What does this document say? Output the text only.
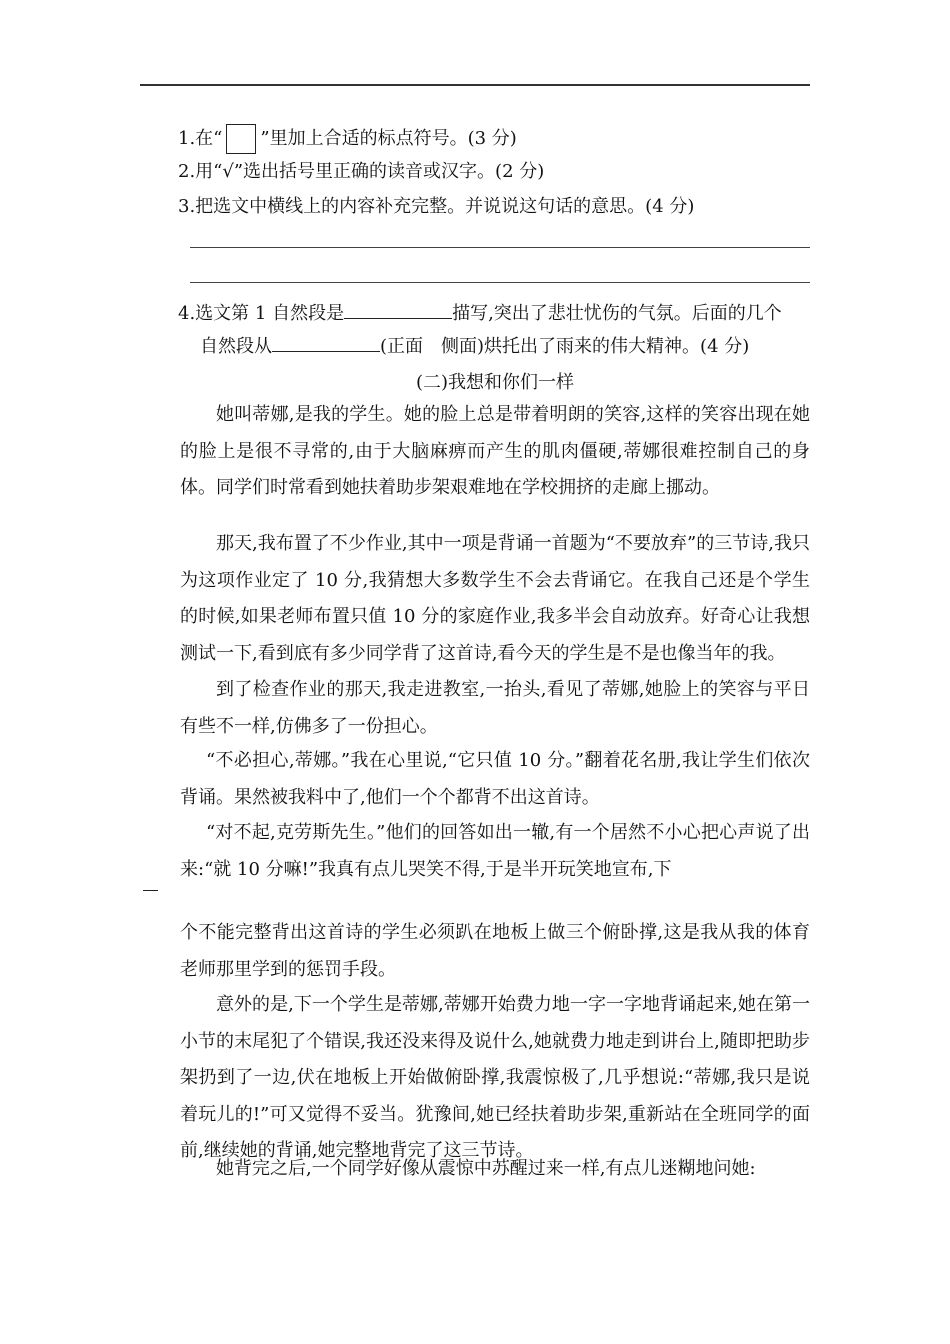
1.在“ ”里加上合适的标点符号。(3 分)
2.用“√”选出括号里正确的读音或汉字。(2 分)
3.把选文中横线上的内容补充完整。并说说这句话的意思。(4 分)
4.选文第 1 自然段是	描写,突出了悲壮忧伤的气氛。后面的几个
自然段从	(正面　侧面)烘托出了雨来的伟大精神。(4 分)
(二)我想和你们一样
她叫蒂娜,是我的学生。她的脸上总是带着明朗的笑容,这样的笑容出现在她的脸上是很不寻常的,由于大脑麻痹而产生的肌肉僵硬,蒂娜很难控制自己的身体。同学们时常看到她扶着助步架艰难地在学校拥挤的走廊上挪动。
那天,我布置了不少作业,其中一项是背诵一首题为“不要放弃”的三节诗,我只为这项作业定了 10 分,我猜想大多数学生不会去背诵它。在我自己还是个学生的时候,如果老师布置只值 10 分的家庭作业,我多半会自动放弃。好奇心让我想测试一下,看到底有多少同学背了这首诗,看今天的学生是不是也像当年的我。
到了检查作业的那天,我走进教室,一抬头,看见了蒂娜,她脸上的笑容与平日有些不一样,仿佛多了一份担心。
“不必担心,蒂娜。”我在心里说,“它只值 10 分。”翻着花名册,我让学生们依次背诵。果然被我料中了,他们一个个都背不出这首诗。
“对不起,克劳斯先生。”他们的回答如出一辙,有一个居然不小心把心声说了出来:“就 10 分嘛!”我真有点儿哭笑不得,于是半开玩笑地宣布,下
个不能完整背出这首诗的学生必须趴在地板上做三个俯卧撑,这是我从我的体育老师那里学到的惩罚手段。
意外的是,下一个学生是蒂娜,蒂娜开始费力地一字一字地背诵起来,她在第一小节的末尾犯了个错误,我还没来得及说什么,她就费力地走到讲台上,随即把助步架扔到了一边,伏在地板上开始做俯卧撑,我震惊极了,几乎想说:“蒂娜,我只是说着玩儿的!”可又觉得不妥当。犹豫间,她已经扶着助步架,重新站在全班同学的面前,继续她的背诵,她完整地背完了这三节诗。
她背完之后,一个同学好像从震惊中苏醒过来一样,有点儿迷糊地问她:
